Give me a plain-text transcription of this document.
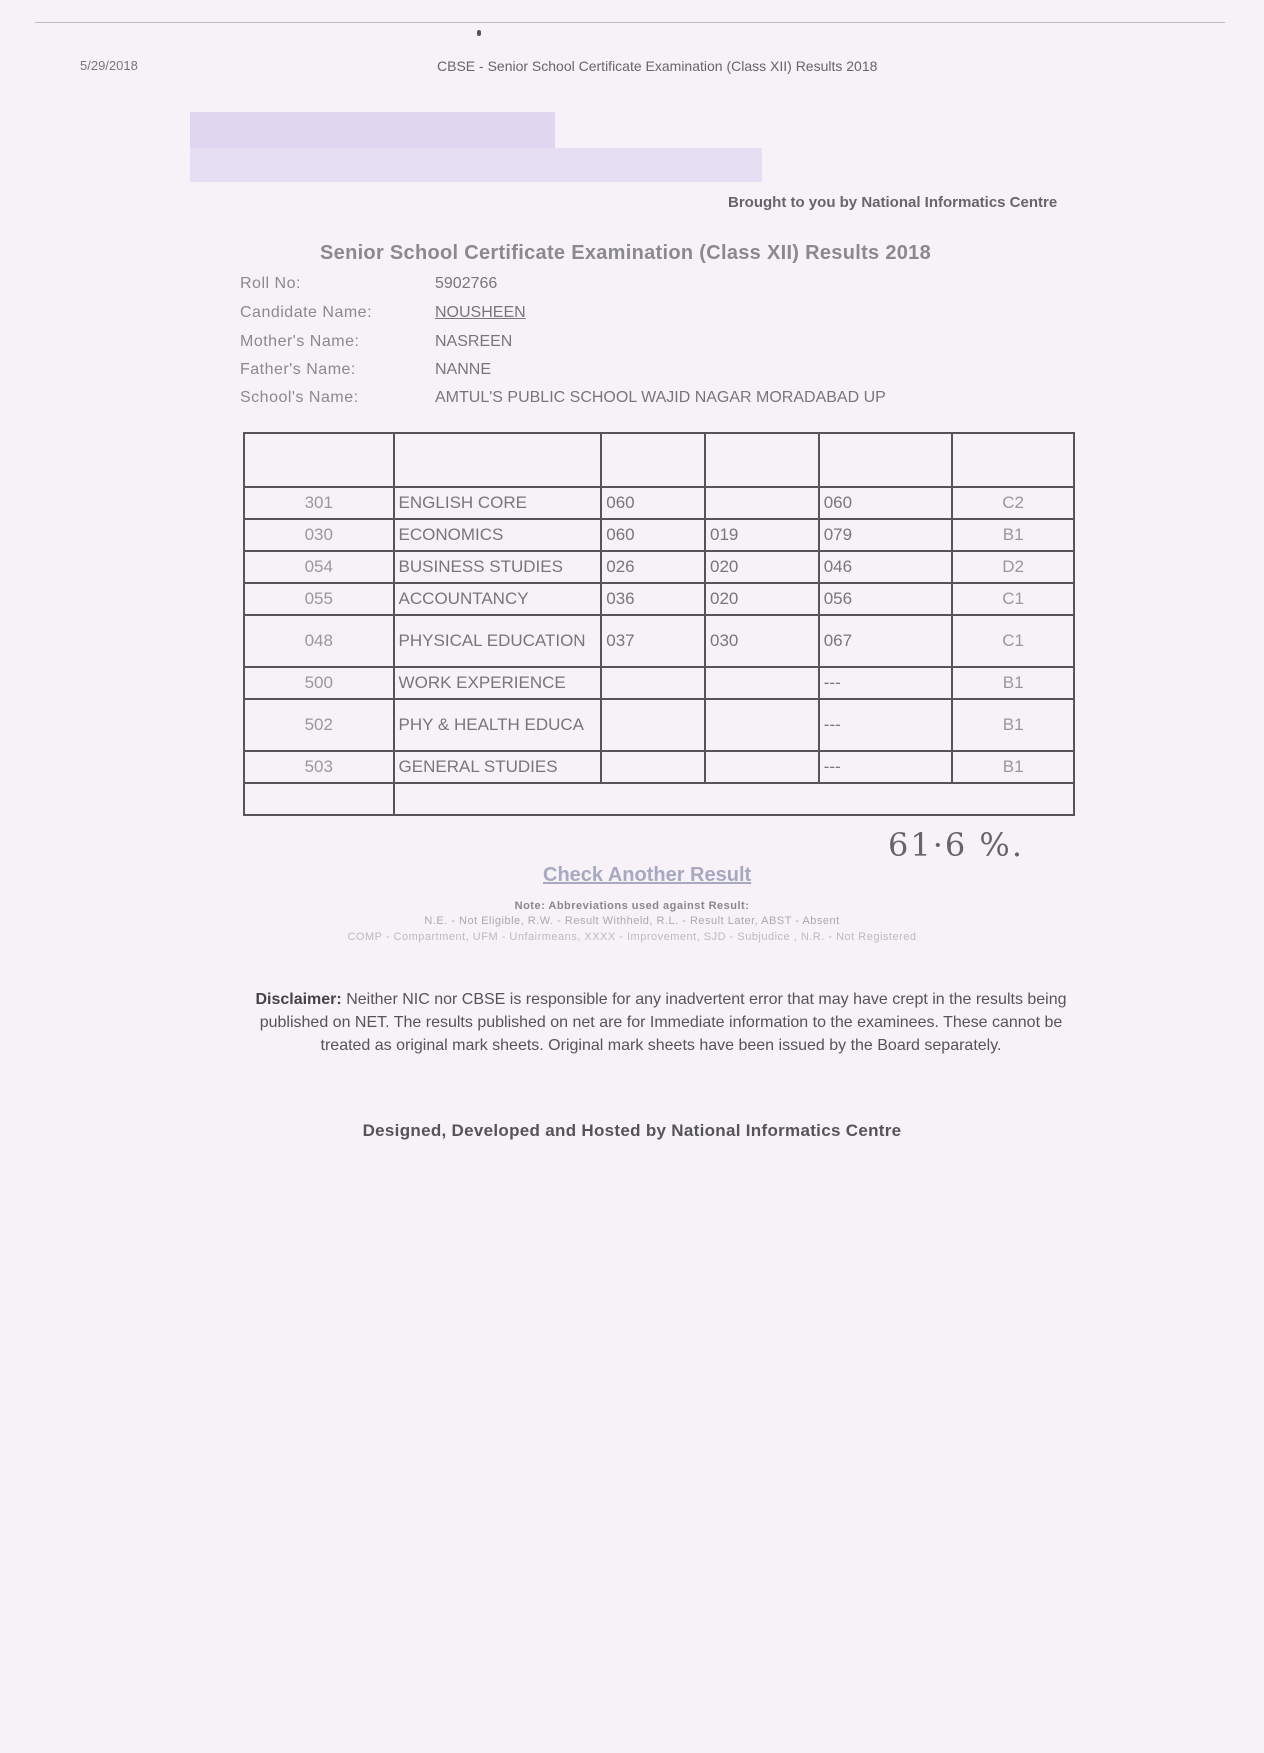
5/29/2018	CBSE - Senior School Certificate Examination (Class XII) Results 2018
Brought to you by National Informatics Centre
Senior School Certificate Examination (Class XII) Results 2018
Roll No:	5902766
Candidate Name:	NOUSHEEN
Mother's Name:	NASREEN
Father's Name:	NANNE
School's Name:	AMTUL'S PUBLIC SCHOOL WAJID NAGAR MORADABAD UP

301	ENGLISH CORE	060		060	C2
030	ECONOMICS	060	019	079	B1
054	BUSINESS STUDIES	026	020	046	D2
055	ACCOUNTANCY	036	020	056	C1
048	PHYSICAL EDUCATION	037	030	067	C1
500	WORK EXPERIENCE			---	B1
502	PHY & HEALTH EDUCA			---	B1
503	GENERAL STUDIES			---	B1

61·6 %.
Check Another Result
Note: Abbreviations used against Result:
N.E. - Not Eligible, R.W. - Result Withheld, R.L. - Result Later, ABST - Absent
COMP - Compartment, UFM - Unfairmeans, XXXX - Improvement, SJD - Subjudice , N.R. - Not Registered
Disclaimer: Neither NIC nor CBSE is responsible for any inadvertent error that may have crept in the results being published on NET. The results published on net are for Immediate information to the examinees. These cannot be treated as original mark sheets. Original mark sheets have been issued by the Board separately.
Designed, Developed and Hosted by National Informatics Centre
